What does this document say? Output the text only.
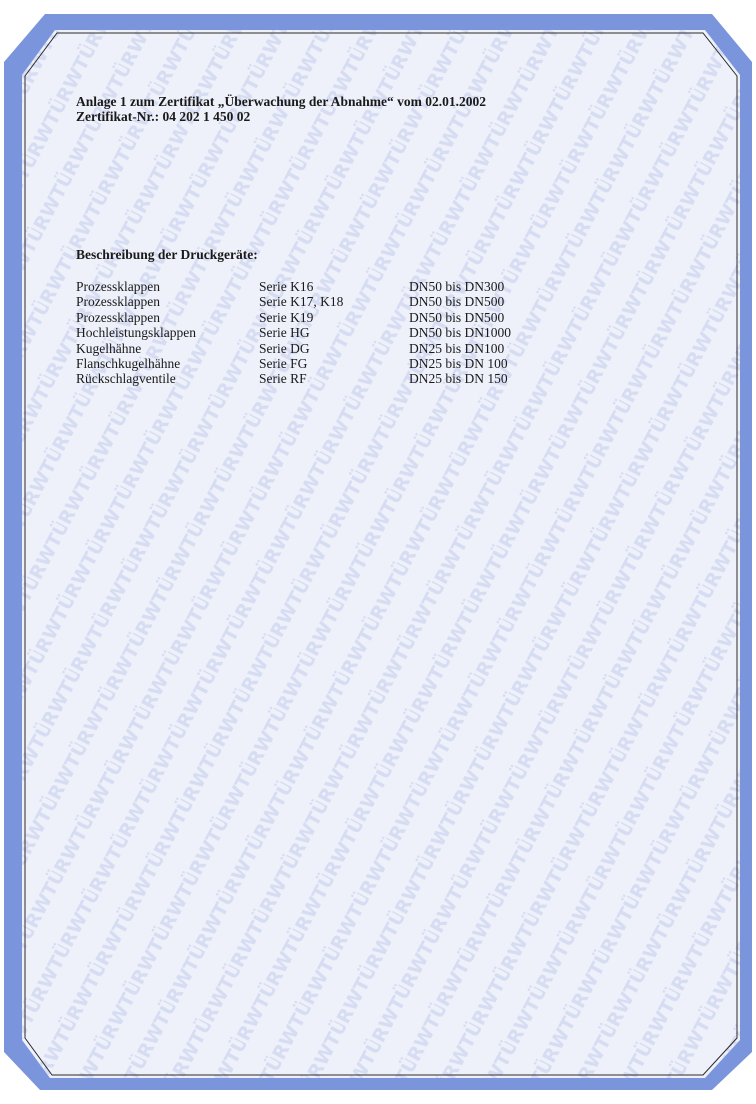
Anlage 1 zum Zertifikat „Überwachung der Abnahme“ vom 02.01.2002
Zertifikat-Nr.: 04 202 1 450 02
Beschreibung der Druckgeräte:
Prozessklappen	Serie K16	DN50 bis DN300
Prozessklappen	Serie K17, K18	DN50 bis DN500
Prozessklappen	Serie K19	DN50 bis DN500
Hochleistungsklappen	Serie HG	DN50 bis DN1000
Kugelhähne	Serie DG	DN25 bis DN100
Flanschkugelhähne	Serie FG	DN25 bis DN 100
Rückschlagventile	Serie RF	DN25 bis DN 150
